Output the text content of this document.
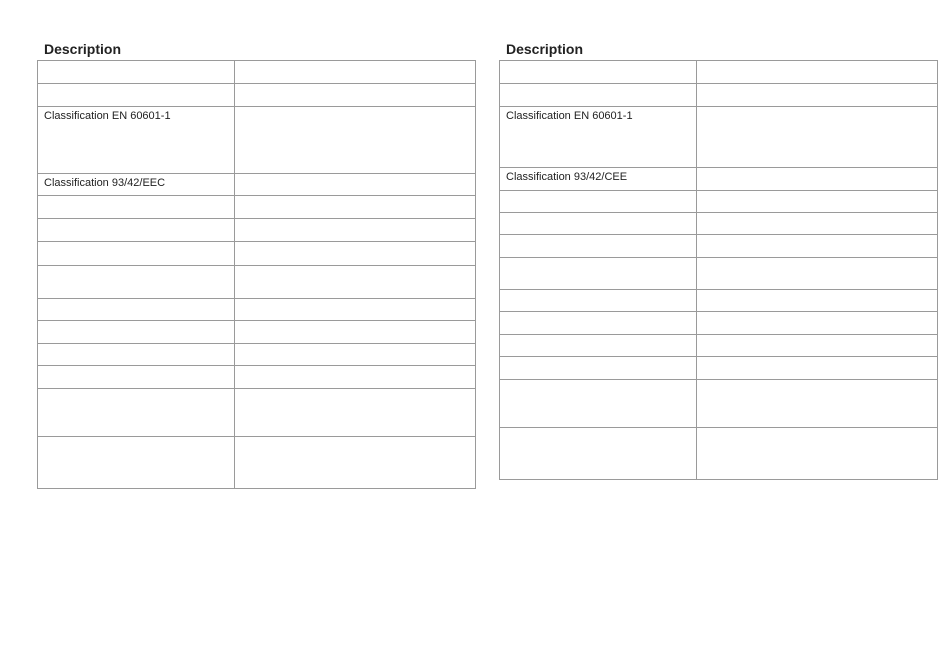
Description

Classification EN 60601-1	
Classification 93/42/EEC	

Description

Classification EN 60601-1	
Classification 93/42/CEE	
